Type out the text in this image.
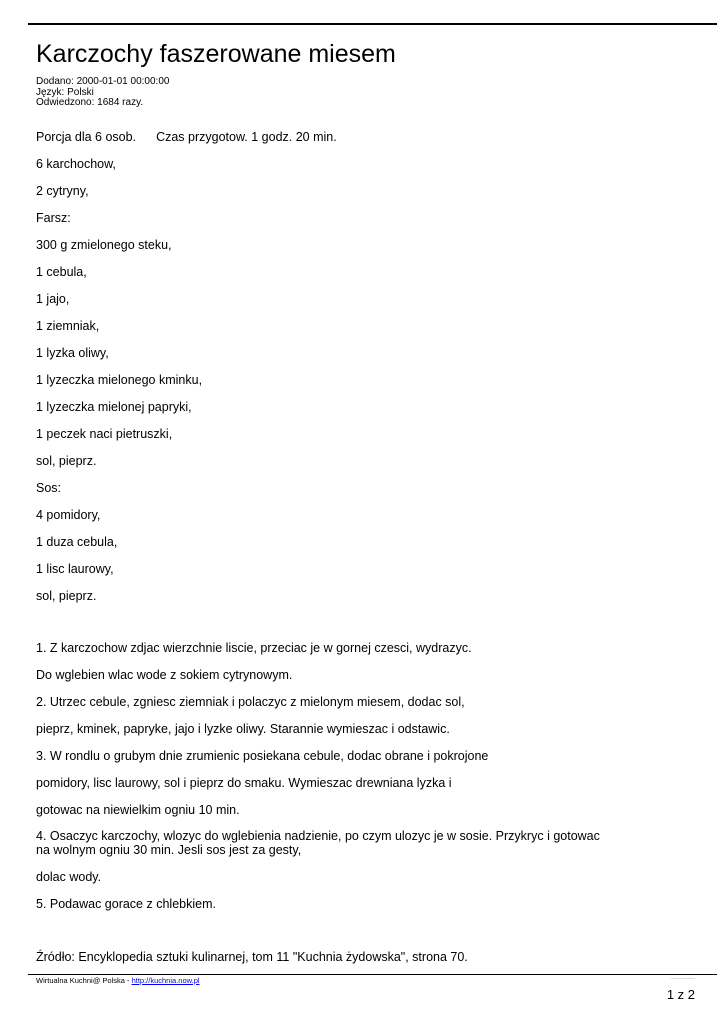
Karczochy faszerowane miesem
Dodano: 2000-01-01 00:00:00
Język: Polski
Odwiedzono: 1684 razy.
Porcja dla 6 osob. Czas przygotow. 1 godz. 20 min.
6 karchochow,
2 cytryny,
Farsz:
300 g zmielonego steku,
1 cebula,
1 jajo,
1 ziemniak,
1 lyzka oliwy,
1 lyzeczka mielonego kminku,
1 lyzeczka mielonej papryki,
1 peczek naci pietruszki,
sol, pieprz.
Sos:
4 pomidory,
1 duza cebula,
1 lisc laurowy,
sol, pieprz.
1. Z karczochow zdjac wierzchnie liscie, przeciac je w gornej czesci, wydrazyc.
Do wglebien wlac wode z sokiem cytrynowym.
2. Utrzec cebule, zgniesc ziemniak i polaczyc z mielonym miesem, dodac sol,
pieprz, kminek, papryke, jajo i lyzke oliwy. Starannie wymieszac i odstawic.
3. W rondlu o grubym dnie zrumienic posiekana cebule, dodac obrane i pokrojone
pomidory, lisc laurowy, sol i pieprz do smaku. Wymieszac drewniana lyzka i
gotowac na niewielkim ogniu 10 min.
4. Osaczyc karczochy, wlozyc do wglebienia nadzienie, po czym ulozyc je w sosie. Przykryc i gotowac na wolnym ogniu 30 min. Jesli sos jest za gesty,
dolac wody.
5. Podawac gorace z chlebkiem.
Źródło: Encyklopedia sztuki kulinarnej, tom 11 "Kuchnia żydowska", strona 70.
Wirtualna Kuchni@ Polska - http://kuchnia.now.pl
1 z 2
